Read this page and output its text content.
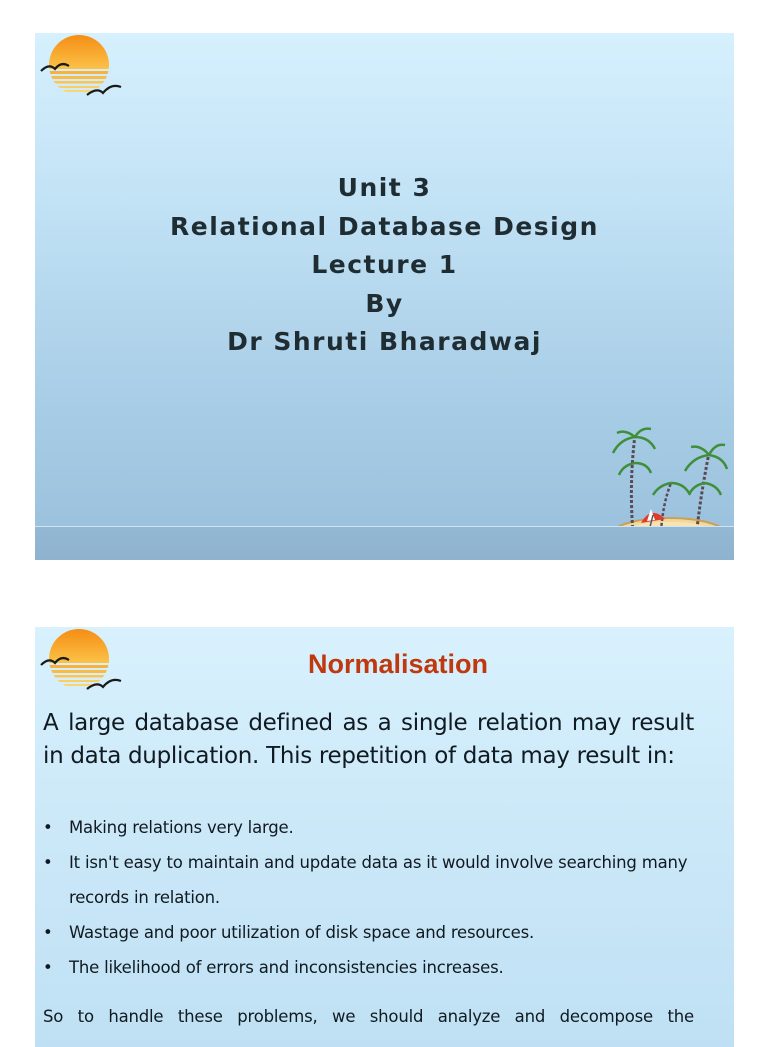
Unit 3
Relational Database Design
Lecture 1
By
Dr Shruti Bharadwaj
Normalisation
A large database defined as a single relation may result in data duplication. This repetition of data may result in:
• Making relations very large.
• It isn't easy to maintain and update data as it would involve searching many records in relation.
• Wastage and poor utilization of disk space and resources.
• The likelihood of errors and inconsistencies increases.
So to handle these problems, we should analyze and decompose the
